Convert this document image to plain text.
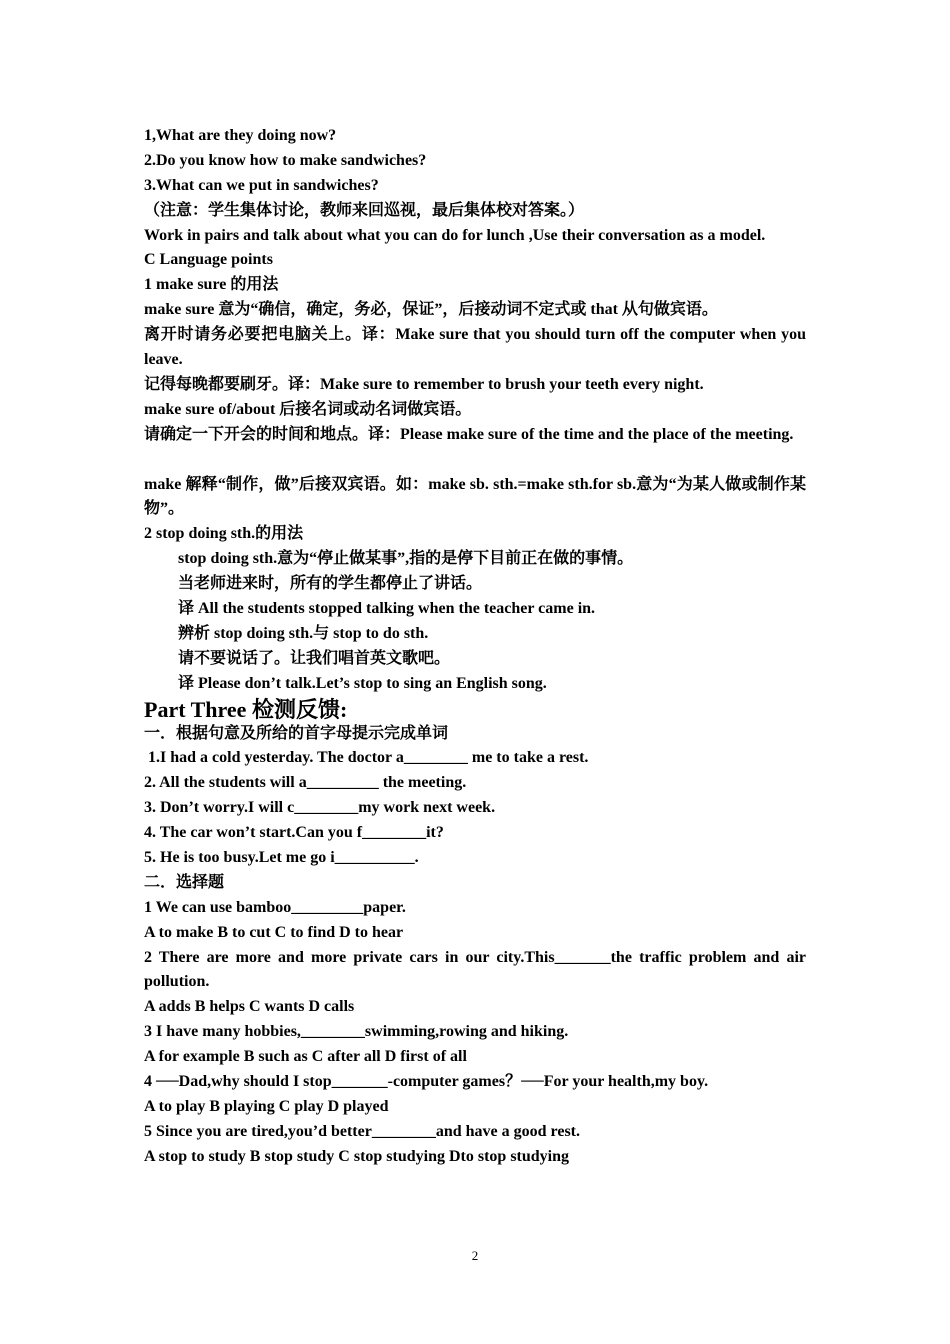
1,What are they doing now?
2.Do you know how to make sandwiches?
3.What can we put in sandwiches?
（注意：学生集体讨论，教师来回巡视，最后集体校对答案。）
Work in pairs and talk about what you can do for lunch ,Use their conversation as a model.
C Language points
1 make sure 的用法
make sure 意为“确信，确定，务必，保证”，后接动词不定式或 that 从句做宾语。
离开时请务必要把电脑关上。译：Make sure that you should turn off the computer when you leave.
记得每晚都要刷牙。译：Make sure to remember to brush your teeth every night.
make sure of/about 后接名词或动名词做宾语。
请确定一下开会的时间和地点。译：Please make sure of the time and the place of the meeting.
make 解释“制作，做”后接双宾语。如：make sb. sth.=make sth.for sb.意为“为某人做或制作某物”。
2 stop doing sth.的用法
stop doing sth.意为“停止做某事”,指的是停下目前正在做的事情。
当老师进来时，所有的学生都停止了讲话。
译 All the students stopped talking when the teacher came in.
辨析 stop doing sth.与 stop to do sth.
请不要说话了。让我们唱首英文歌吧。
译 Please don’t talk.Let’s stop to sing an English song.
Part Three 检测反馈:
一．根据句意及所给的首字母提示完成单词
1.I had a cold yesterday. The doctor a________ me to take a rest.
2. All the students will a_________ the meeting.
3. Don’t worry.I will c________my work next week.
4. The car won’t start.Can you f________it?
5. He is too busy.Let me go i__________.
二．选择题
1 We can use bamboo_________paper.
A to make B to cut C to find D to hear
2 There are more and more private cars in our city.This_______the traffic problem and air pollution.
A adds B helps C wants D calls
3 I have many hobbies,________swimming,rowing and hiking.
A for example B such as C after all D first of all
4 ──Dad,why should I stop_______-computer games？──For your health,my boy.
A to play B playing C play D played
5 Since you are tired,you’d better________and have a good rest.
A stop to study B stop study C stop studying Dto stop studying
2
